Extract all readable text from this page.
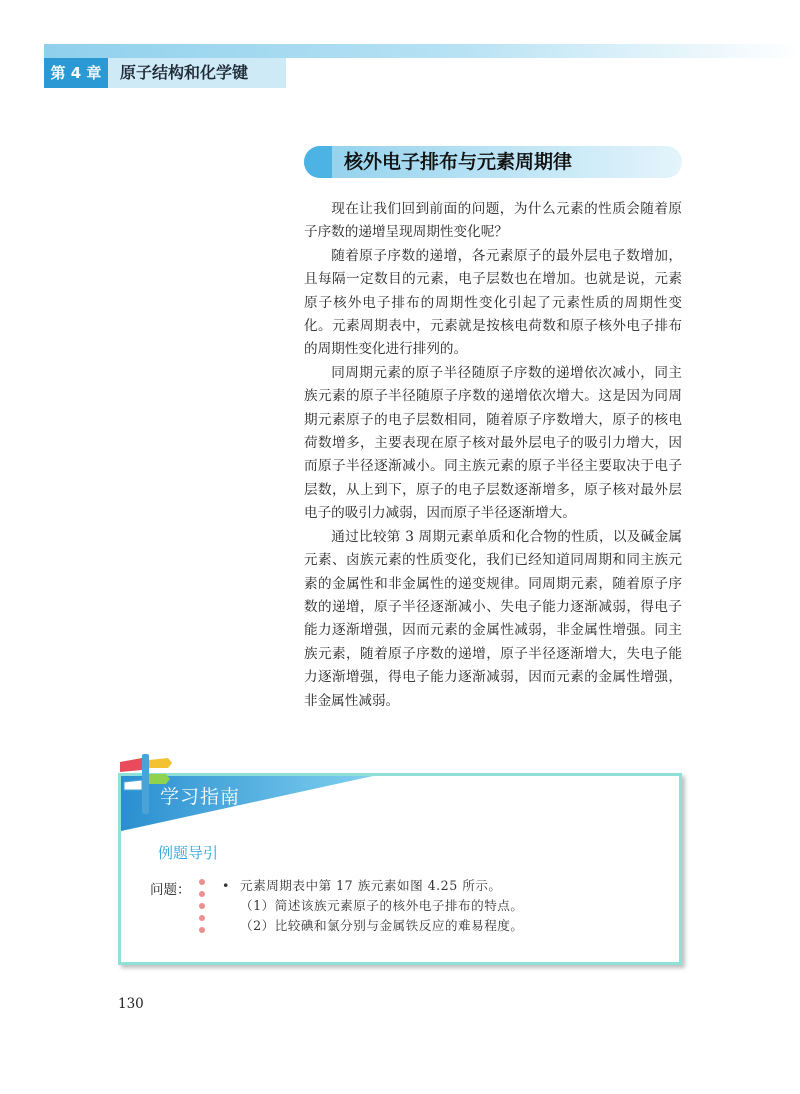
第 4 章	原子结构和化学键
核外电子排布与元素周期律

现在让我们回到前面的问题，为什么元素的性质会随着原子序数的递增呈现周期性变化呢？

随着原子序数的递增，各元素原子的最外层电子数增加，且每隔一定数目的元素，电子层数也在增加。也就是说，元素原子核外电子排布的周期性变化引起了元素性质的周期性变化。元素周期表中，元素就是按核电荷数和原子核外电子排布的周期性变化进行排列的。

同周期元素的原子半径随原子序数的递增依次减小，同主族元素的原子半径随原子序数的递增依次增大。这是因为同周期元素原子的电子层数相同，随着原子序数增大，原子的核电荷数增多，主要表现在原子核对最外层电子的吸引力增大，因而原子半径逐渐减小。同主族元素的原子半径主要取决于电子层数，从上到下，原子的电子层数逐渐增多，原子核对最外层电子的吸引力减弱，因而原子半径逐渐增大。

通过比较第 3 周期元素单质和化合物的性质，以及碱金属元素、卤族元素的性质变化，我们已经知道同周期和同主族元素的金属性和非金属性的递变规律。同周期元素，随着原子序数的递增，原子半径逐渐减小、失电子能力逐渐减弱，得电子能力逐渐增强，因而元素的金属性减弱，非金属性增强。同主族元素，随着原子序数的递增，原子半径逐渐增大，失电子能力逐渐增强，得电子能力逐渐减弱，因而元素的金属性增强，非金属性减弱。

学习指南
例题导引
问题：	• 元素周期表中第 17 族元素如图 4.25 所示。
（1）简述该族元素原子的核外电子排布的特点。
（2）比较碘和氯分别与金属铁反应的难易程度。
130
